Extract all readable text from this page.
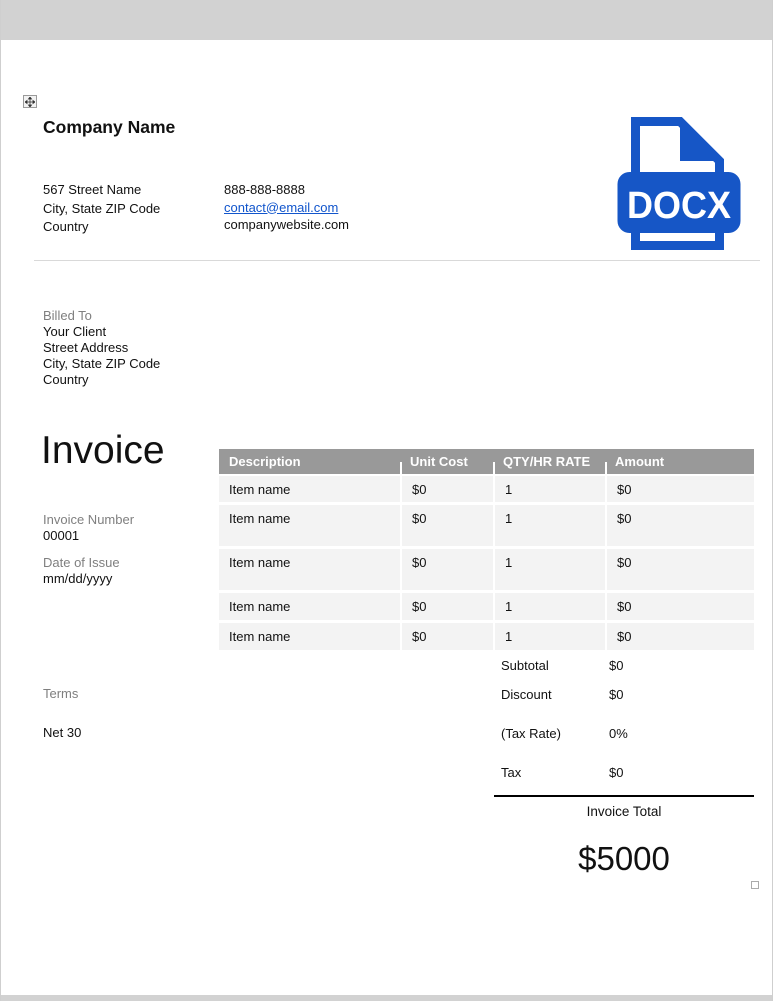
Company Name
567 Street Name
City, State ZIP Code
Country
888-888-8888
contact@email.com
companywebsite.com	DOCX
Billed To
Your Client
Street Address
City, State ZIP Code
Country
Invoice
Invoice Number
00001
Date of Issue
mm/dd/yyyy
Terms
Net 30
Description	Unit Cost	QTY/HR RATE	Amount
Item name	$0	1	$0
Item name	$0	1	$0
Item name	$0	1	$0
Item name	$0	1	$0
Item name	$0	1	$0
Subtotal	$0
Discount	$0
(Tax Rate)	0%
Tax	$0
Invoice Total
$5000
